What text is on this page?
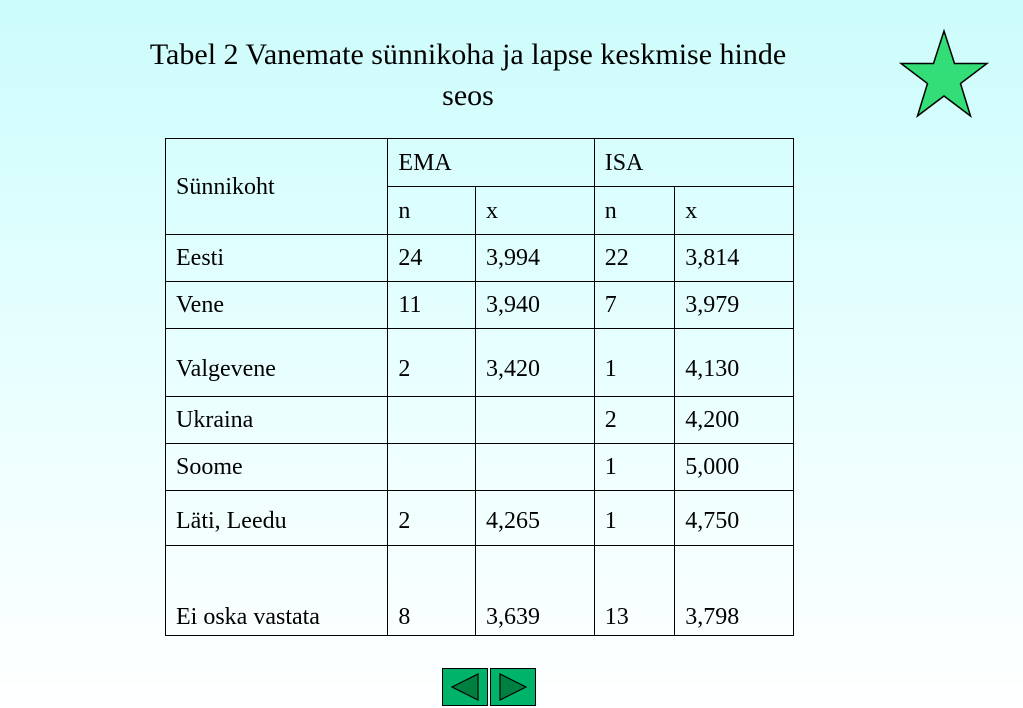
Tabel 2 Vanemate sünnikoha ja lapse keskmise hinde
seos
Sünnikoht	EMA		ISA	
	n	x	n	x
Eesti	24	3,994	22	3,814
Vene	11	3,940	7	3,979
Valgevene	2	3,420	1	4,130
Ukraina			2	4,200
Soome			1	5,000
Läti, Leedu	2	4,265	1	4,750
Ei oska vastata	8	3,639	13	3,798
